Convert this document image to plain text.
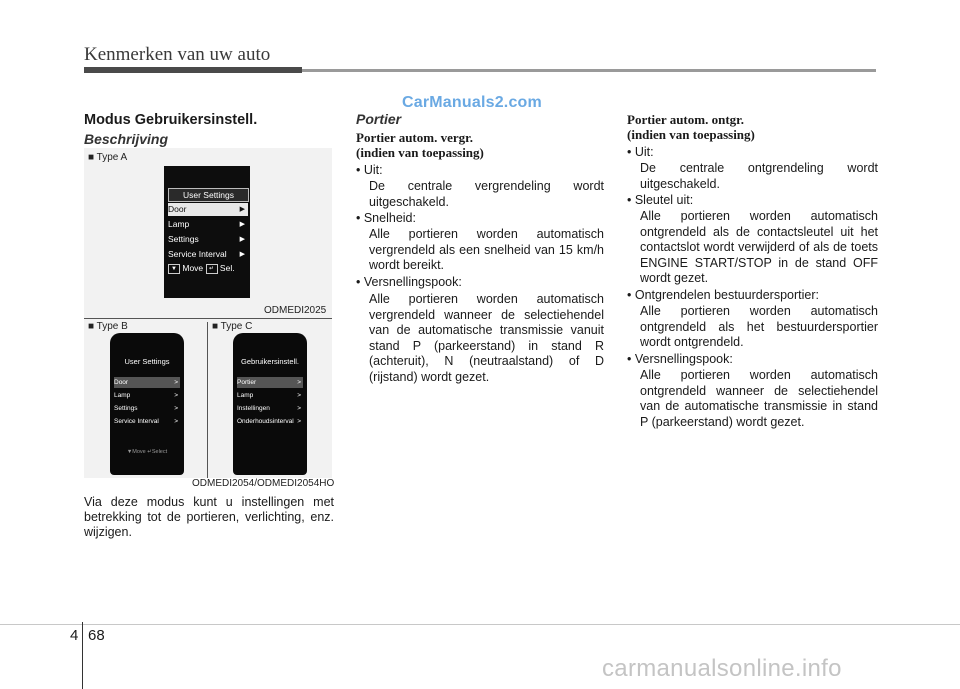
Kenmerken van uw auto
CarManuals2.com
Modus Gebruikersinstell.
Beschrijving
■ Type A
User Settings
Door	▶
Lamp	▶
Settings	▶
Service Interval ▶
▼ Move ↵ Sel.
ODMEDI2025
■ Type B	■ Type C
User Settings
Door	>
Lamp	>
Settings	>
Service Interval >
▼Move ↵Select
Gebruikersinstell.
Portier	>
Lamp	>
Instellingen	>
Onderhoudsinterval >
ODMEDI2054/ODMEDI2054HO
Via deze modus kunt u instellingen met betrekking tot de portieren, verlichting, enz. wijzigen.
Portier
Portier autom. vergr.
(indien van toepassing)
• Uit:
De centrale vergrendeling wordt uitgeschakeld.
• Snelheid:
Alle portieren worden automatisch vergrendeld als een snelheid van 15 km/h wordt bereikt.
• Versnellingspook:
Alle portieren worden automatisch vergrendeld wanneer de selectiehendel van de automatische transmissie vanuit stand P (parkeerstand) in stand R (achteruit), N (neutraalstand) of D (rijstand) wordt gezet.
Portier autom. ontgr.
(indien van toepassing)
• Uit:
De centrale ontgrendeling wordt uitgeschakeld.
• Sleutel uit:
Alle portieren worden automatisch ontgrendeld als de contactsleutel uit het contactslot wordt verwijderd of als de toets ENGINE START/STOP in de stand OFF wordt gezet.
• Ontgrendelen bestuurdersportier:
Alle portieren worden automatisch ontgrendeld als het bestuurdersportier wordt ontgrendeld.
• Versnellingspook:
Alle portieren worden automatisch ontgrendeld wanneer de selectiehendel van de automatische transmissie in stand P (parkeerstand) wordt gezet.
4 68
carmanualsonline.info
